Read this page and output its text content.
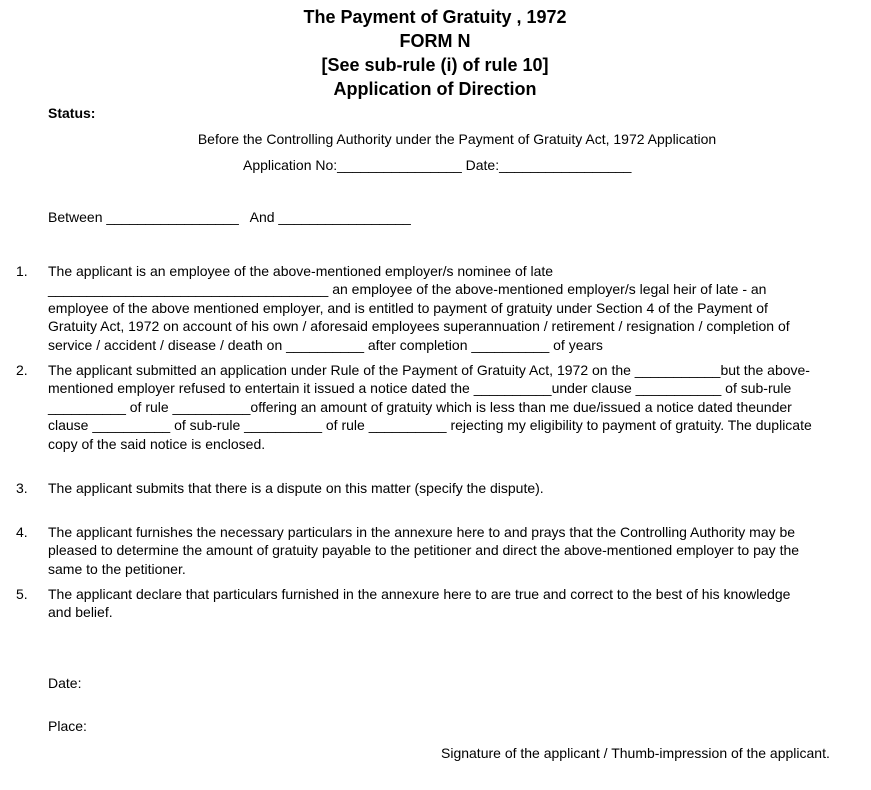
The Payment of Gratuity , 1972
FORM N
[See sub-rule (i) of rule 10]
Application of Direction
Status:
Before the Controlling Authority under the Payment of Gratuity Act, 1972 Application
Application No:________________ Date:_________________
Between _________________   And _________________
1. The applicant is an employee of the above-mentioned employer/s nominee of late
____________________________________ an employee of the above-mentioned employer/s legal heir of late - an
employee of the above mentioned employer, and is entitled to payment of gratuity under Section 4 of the Payment of
Gratuity Act, 1972 on account of his own / aforesaid employees superannuation / retirement / resignation / completion of
service / accident / disease / death on __________ after completion __________ of years
2. The applicant submitted an application under Rule of the Payment of Gratuity Act, 1972 on the ___________but the above-
mentioned employer refused to entertain it issued a notice dated the __________under clause ___________ of sub-rule
__________ of rule __________offering an amount of gratuity which is less than me due/issued a notice dated theunder
clause __________ of sub-rule __________ of rule __________ rejecting my eligibility to payment of gratuity. The duplicate
copy of the said notice is enclosed.
3. The applicant submits that there is a dispute on this matter (specify the dispute).
4. The applicant furnishes the necessary particulars in the annexure here to and prays that the Controlling Authority may be
pleased to determine the amount of gratuity payable to the petitioner and direct the above-mentioned employer to pay the
same to the petitioner.
5. The applicant declare that particulars furnished in the annexure here to are true and correct to the best of his knowledge
and belief.
Date:
Place:
Signature of the applicant / Thumb-impression of the applicant.
